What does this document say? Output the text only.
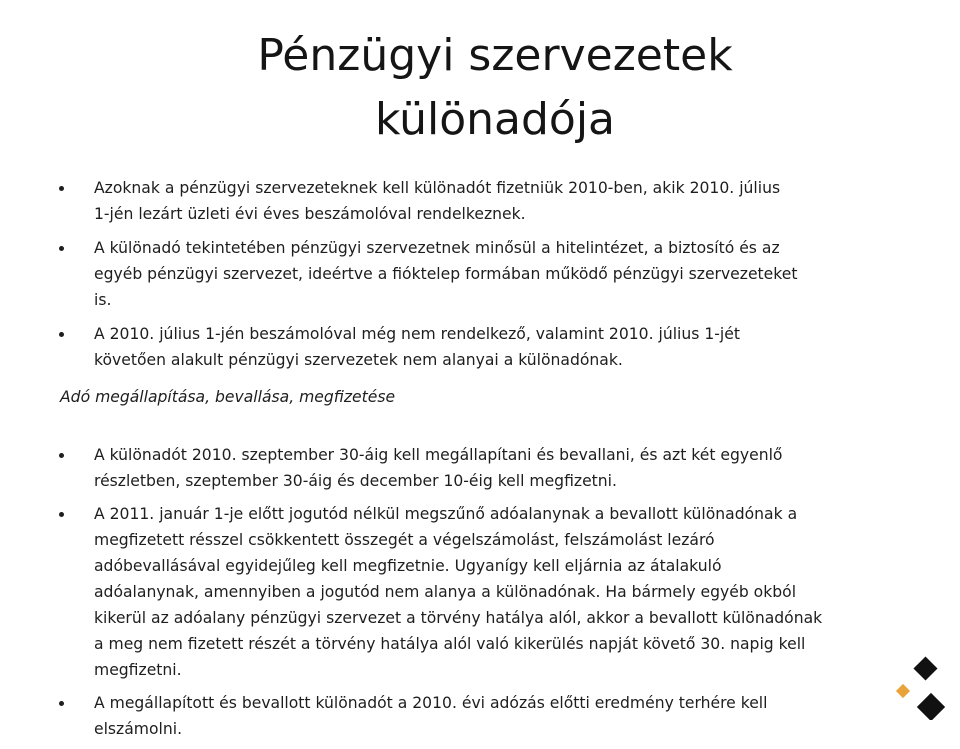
Pénzügyi szervezetek
különadója
Azoknak a pénzügyi szervezeteknek kell különadót fizetniük 2010-ben, akik 2010. július 1-jén lezárt üzleti évi éves beszámolóval rendelkeznek.
A különadó tekintetében pénzügyi szervezetnek minősül a hitelintézet, a biztosító és az egyéb pénzügyi szervezet, ideértve a fióktelep formában működő pénzügyi szervezeteket is.
A 2010. július 1-jén beszámolóval még nem rendelkező, valamint 2010. július 1-jét követően alakult pénzügyi szervezetek nem alanyai a különadónak.
Adó megállapítása, bevallása, megfizetése
A különadót 2010. szeptember 30-áig kell megállapítani és bevallani, és azt két egyenlő részletben, szeptember 30-áig és december 10-éig kell megfizetni.
A 2011. január 1-je előtt jogutód nélkül megszűnő adóalanynak a bevallott különadónak a megfizetett résszel csökkentett összegét a végelszámolást, felszámolást lezáró adóbevallásával egyidejűleg kell megfizetnie. Ugyanígy kell eljárnia az átalakuló adóalanynak, amennyiben a jogutód nem alanya a különadónak. Ha bármely egyéb okból kikerül az adóalany pénzügyi szervezet a törvény hatálya alól, akkor a bevallott különadónak a meg nem fizetett részét a törvény hatálya alól való kikerülés napját követő 30. napig kell megfizetni.
A megállapított és bevallott különadót a 2010. évi adózás előtti eredmény terhére kell elszámolni.
